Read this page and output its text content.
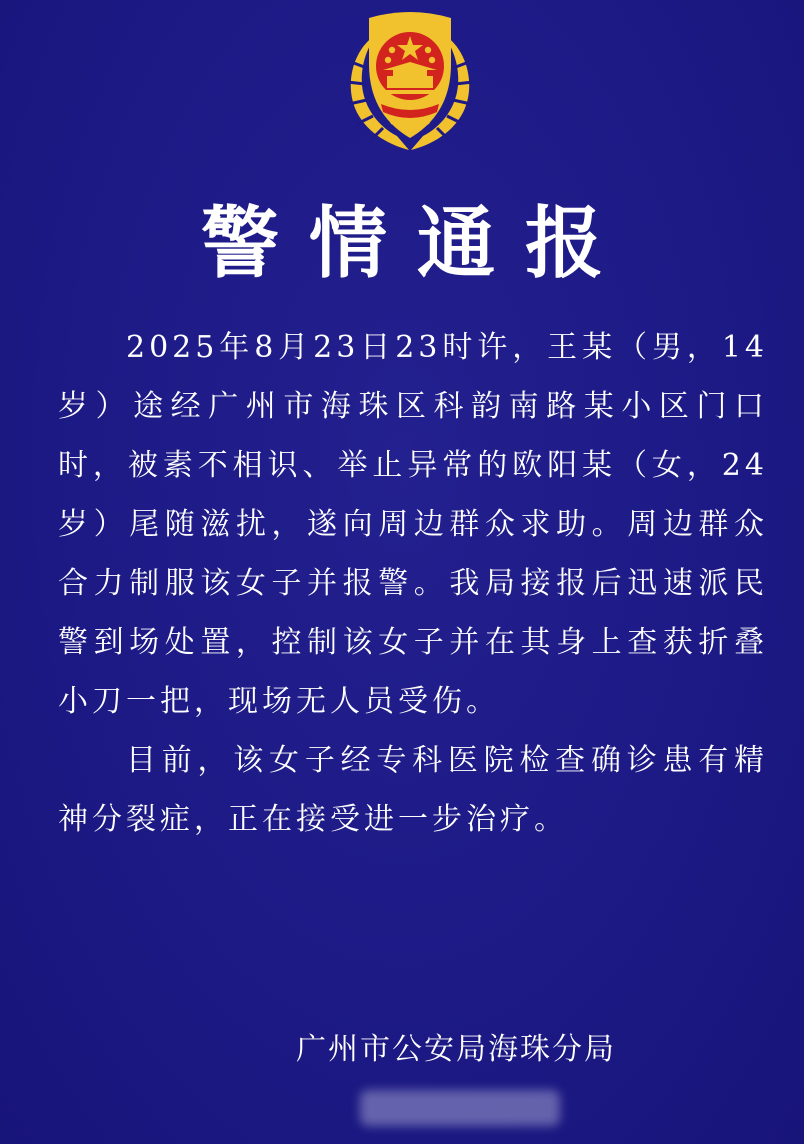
警情通报

2025年8月23日23时许，王某（男，14岁）途经广州市海珠区科韵南路某小区门口时，被素不相识、举止异常的欧阳某（女，24岁）尾随滋扰，遂向周边群众求助。周边群众合力制服该女子并报警。我局接报后迅速派民警到场处置，控制该女子并在其身上查获折叠小刀一把，现场无人员受伤。

目前，该女子经专科医院检查确诊患有精神分裂症，正在接受进一步治疗。

广州市公安局海珠分局
